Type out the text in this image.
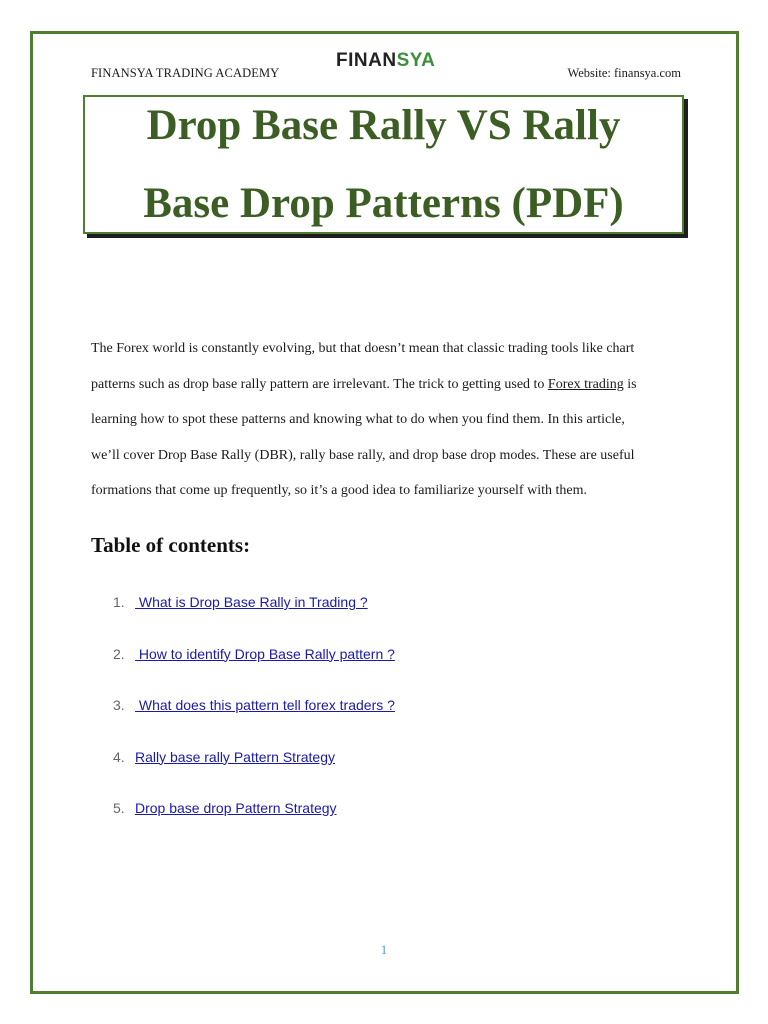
FINANSYA TRADING ACADEMY
FINANSYA
Website: finansya.com
Drop Base Rally VS Rally
Base Drop Patterns (PDF)

The Forex world is constantly evolving, but that doesn’t mean that classic trading tools like chart

patterns such as drop base rally pattern are irrelevant. The trick to getting used to Forex trading is

learning how to spot these patterns and knowing what to do when you find them. In this article,

we’ll cover Drop Base Rally (DBR), rally base rally, and drop base drop modes. These are useful

formations that come up frequently, so it’s a good idea to familiarize yourself with them.

Table of contents:
1. What is Drop Base Rally in Trading ?
2. How to identify Drop Base Rally pattern ?
3. What does this pattern tell forex traders ?
4. Rally base rally Pattern Strategy
5. Drop base drop Pattern Strategy
1
